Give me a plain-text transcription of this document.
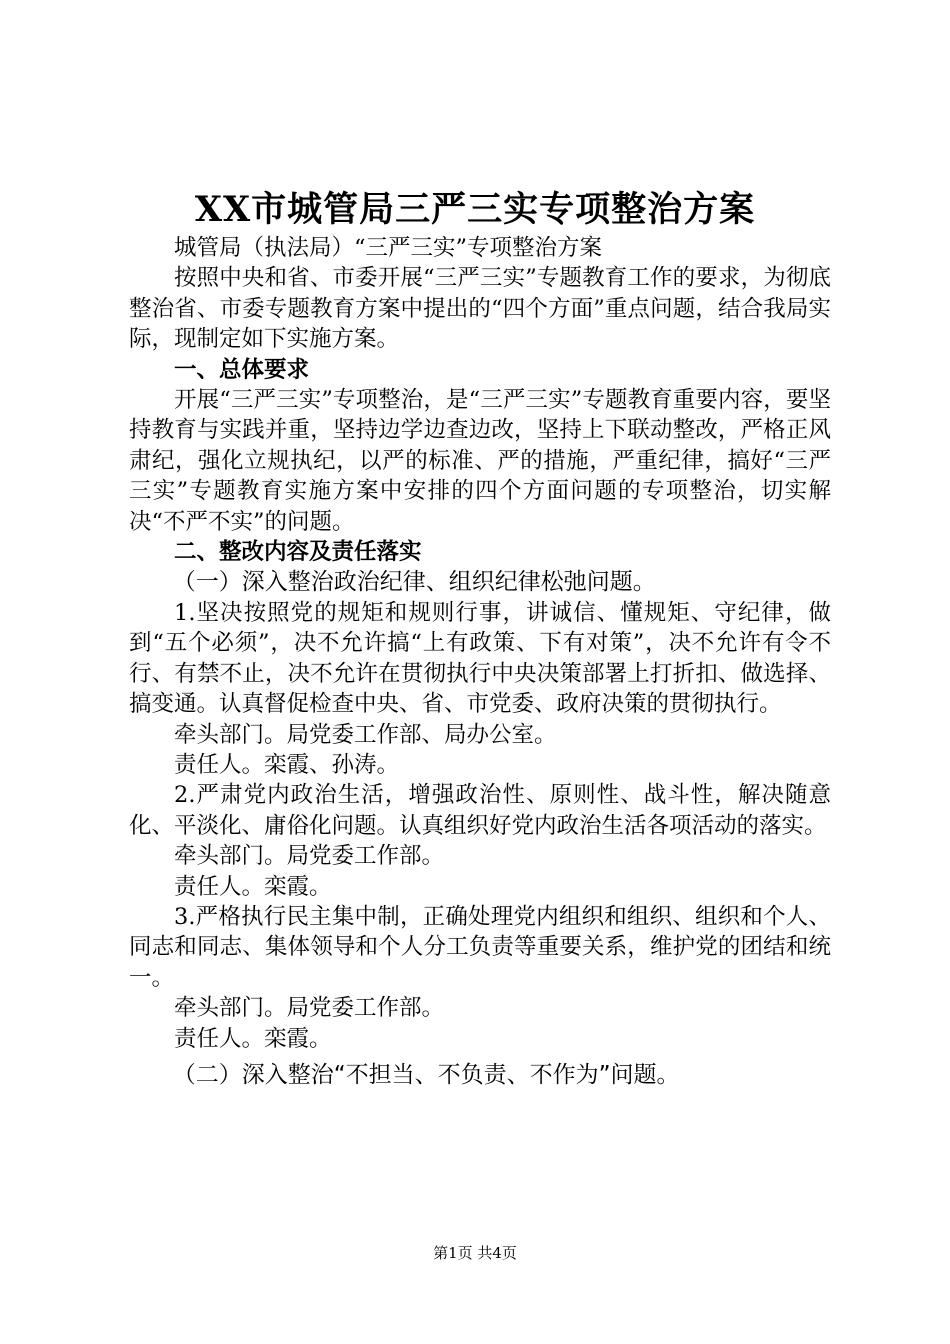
XX市城管局三严三实专项整治方案

城管局（执法局）“三严三实”专项整治方案

按照中央和省、市委开展“三严三实”专题教育工作的要求，为彻底整治省、市委专题教育方案中提出的“四个方面”重点问题，结合我局实际，现制定如下实施方案。

一、总体要求

开展“三严三实”专项整治，是“三严三实”专题教育重要内容，要坚持教育与实践并重，坚持边学边查边改，坚持上下联动整改，严格正风肃纪，强化立规执纪，以严的标准、严的措施，严重纪律，搞好“三严三实”专题教育实施方案中安排的四个方面问题的专项整治，切实解决“不严不实”的问题。

二、整改内容及责任落实

（一）深入整治政治纪律、组织纪律松弛问题。

1.坚决按照党的规矩和规则行事，讲诚信、懂规矩、守纪律，做到“五个必须”，决不允许搞“上有政策、下有对策”，决不允许有令不行、有禁不止，决不允许在贯彻执行中央决策部署上打折扣、做选择、搞变通。认真督促检查中央、省、市党委、政府决策的贯彻执行。

牵头部门。局党委工作部、局办公室。

责任人。栾霞、孙涛。

2.严肃党内政治生活，增强政治性、原则性、战斗性，解决随意化、平淡化、庸俗化问题。认真组织好党内政治生活各项活动的落实。

牵头部门。局党委工作部。

责任人。栾霞。

3.严格执行民主集中制，正确处理党内组织和组织、组织和个人、同志和同志、集体领导和个人分工负责等重要关系，维护党的团结和统一。

牵头部门。局党委工作部。

责任人。栾霞。

（二）深入整治“不担当、不负责、不作为”问题。

第1页 共4页
